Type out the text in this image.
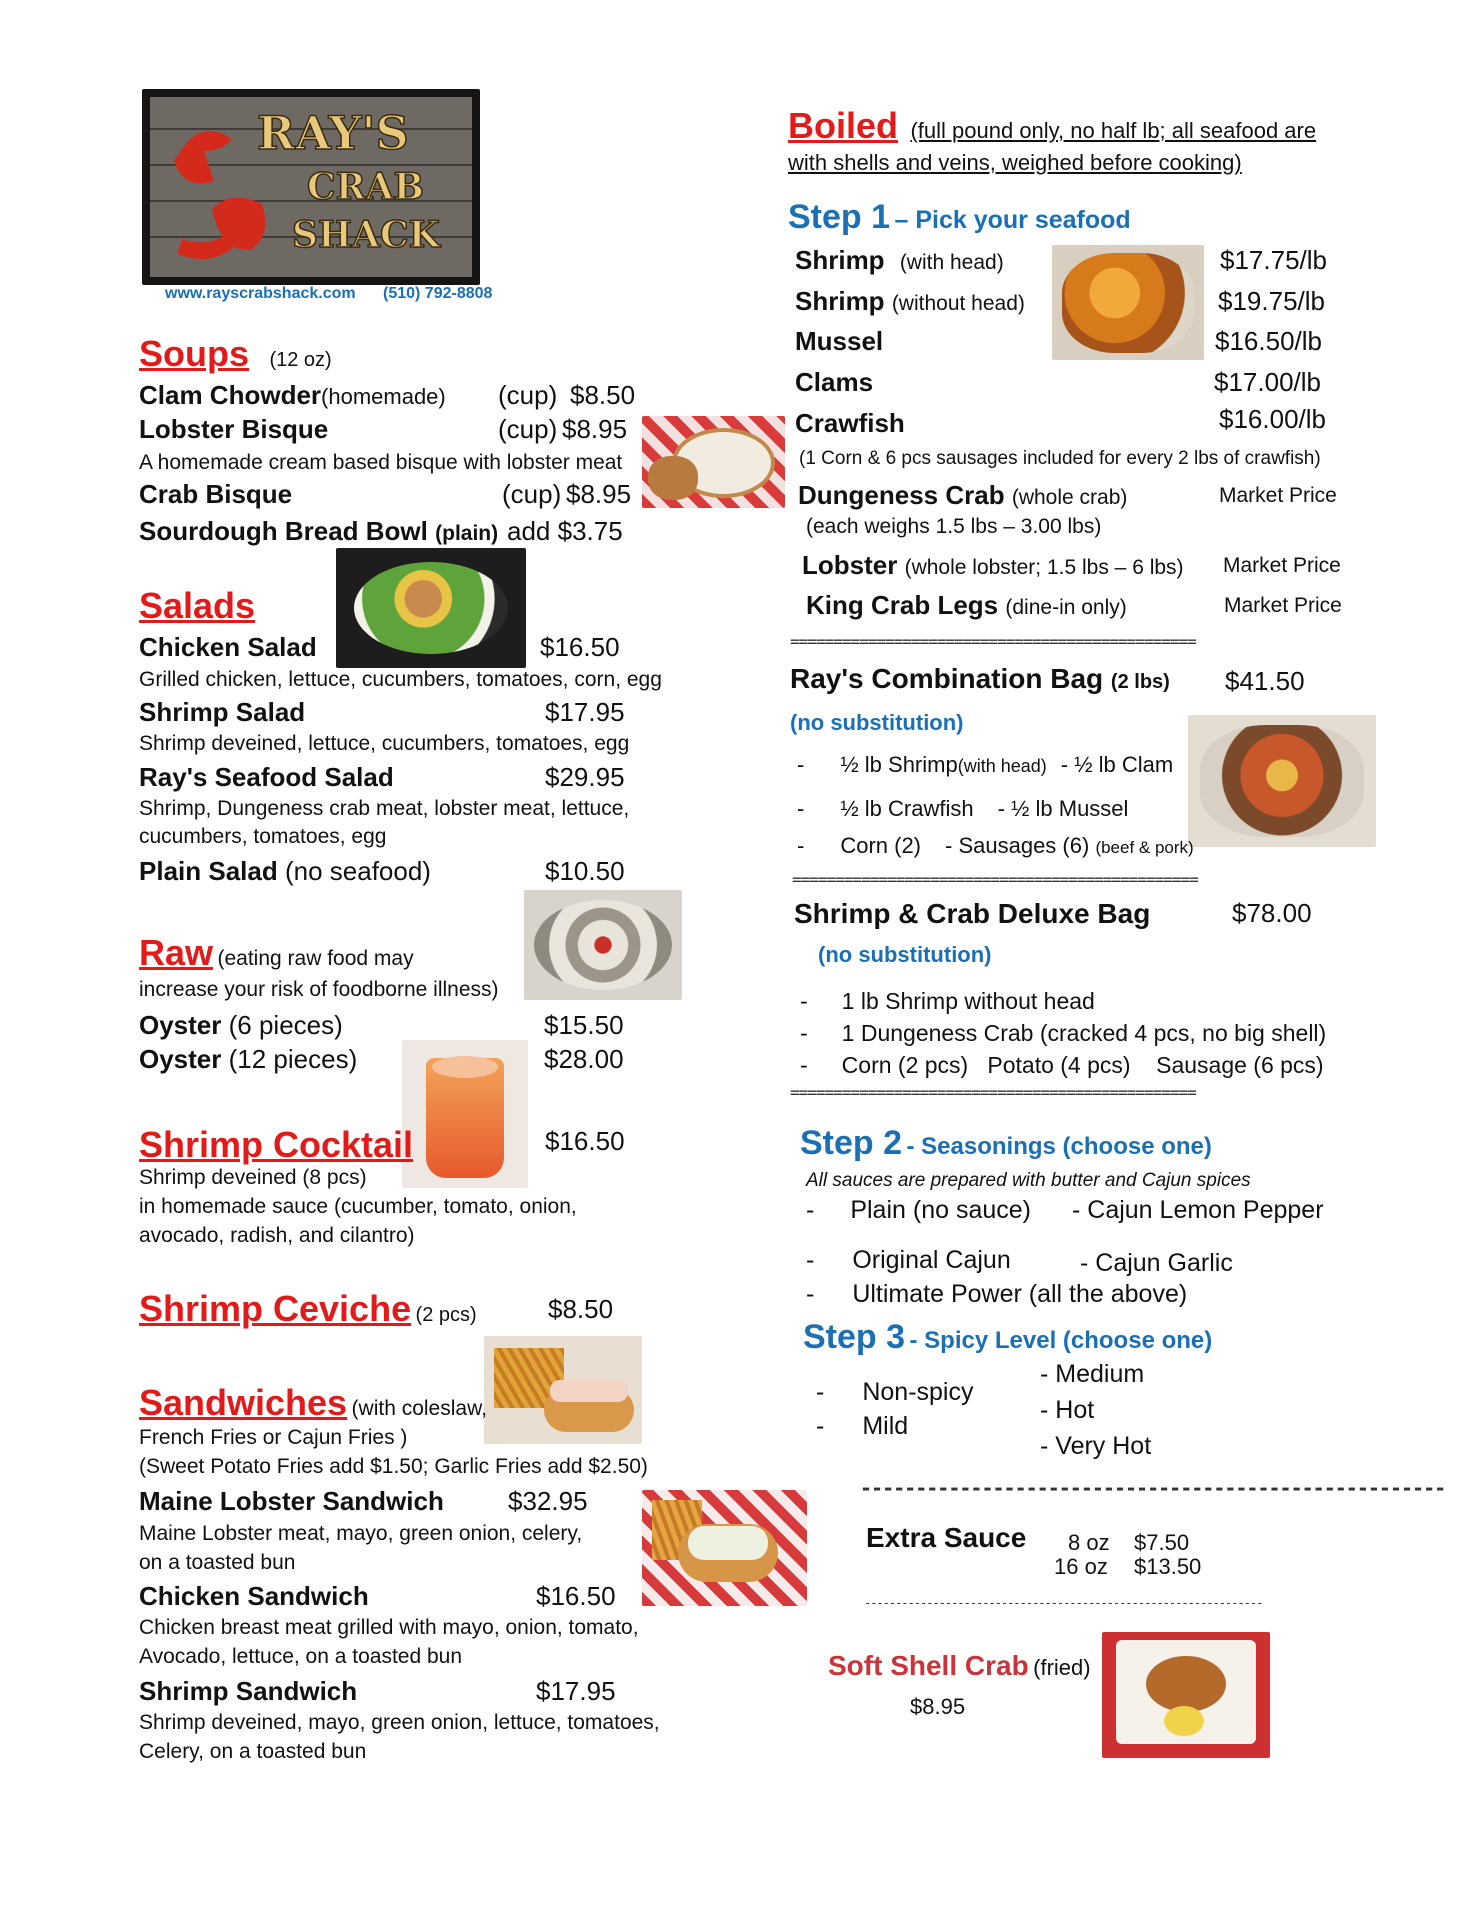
RAY'S
CRAB
SHACK
www.rayscrabshack.com (510) 792-8808
Soups (12 oz)
Clam Chowder(homemade) (cup) $8.50
Lobster Bisque	(cup) $8.95
A homemade cream based bisque with lobster meat
Crab Bisque	(cup) $8.95
Sourdough Bread Bowl (plain) add $3.75
Salads
Chicken Salad	$16.50
Grilled chicken, lettuce, cucumbers, tomatoes, corn, egg
Shrimp Salad	$17.95
Shrimp deveined, lettuce, cucumbers, tomatoes, egg
Ray's Seafood Salad	$29.95
Shrimp, Dungeness crab meat, lobster meat, lettuce,
cucumbers, tomatoes, egg
Plain Salad (no seafood)	$10.50
Raw (eating raw food may
increase your risk of foodborne illness)
Oyster (6 pieces)	$15.50
Oyster (12 pieces)	$28.00
Shrimp Cocktail	$16.50
Shrimp deveined (8 pcs)
in homemade sauce (cucumber, tomato, onion,
avocado, radish, and cilantro)
Shrimp Ceviche (2 pcs)	$8.50
Sandwiches (with coleslaw,
French Fries or Cajun Fries )
(Sweet Potato Fries add $1.50; Garlic Fries add $2.50)
Maine Lobster Sandwich $32.95
Maine Lobster meat, mayo, green onion, celery,
on a toasted bun
Chicken Sandwich	$16.50
Chicken breast meat grilled with mayo, onion, tomato,
Avocado, lettuce, on a toasted bun
Shrimp Sandwich	$17.95
Shrimp deveined, mayo, green onion, lettuce, tomatoes,
Celery, on a toasted bun
Boiled (full pound only, no half lb; all seafood are
with shells and veins, weighed before cooking)
Step 1 – Pick your seafood
Shrimp (with head)	$17.75/lb
Shrimp (without head)	$19.75/lb
Mussel	$16.50/lb
Clams	$17.00/lb
Crawfish	$16.00/lb
(1 Corn & 6 pcs sausages included for every 2 lbs of crawfish)
Dungeness Crab (whole crab)	Market Price
(each weighs 1.5 lbs – 3.00 lbs)
Lobster (whole lobster; 1.5 lbs – 6 lbs) Market Price
King Crab Legs (dine-in only)	Market Price
===============================================
Ray's Combination Bag (2 lbs) $41.50
(no substitution)
- ½ lb Shrimp(with head) - ½ lb Clam
- ½ lb Crawfish - ½ lb Mussel
- Corn (2) - Sausages (6) (beef & pork)
===============================================
Shrimp & Crab Deluxe Bag	$78.00
(no substitution)
- 1 lb Shrimp without head
- 1 Dungeness Crab (cracked 4 pcs, no big shell)
- Corn (2 pcs)   Potato (4 pcs)    Sausage (6 pcs)
===============================================
Step 2 - Seasonings (choose one)
All sauces are prepared with butter and Cajun spices
- Plain (no sauce) - Cajun Lemon Pepper
- Original Cajun	- Cajun Garlic
- Ultimate Power (all the above)
Step 3 - Spicy Level (choose one)
- Non-spicy
- Mild
- Medium
- Hot
- Very Hot
-----------------------------------------------------
Extra Sauce 8 oz $7.50
16 oz $13.50
----------------------------------------------------------------
Soft Shell Crab (fried)
$8.95
